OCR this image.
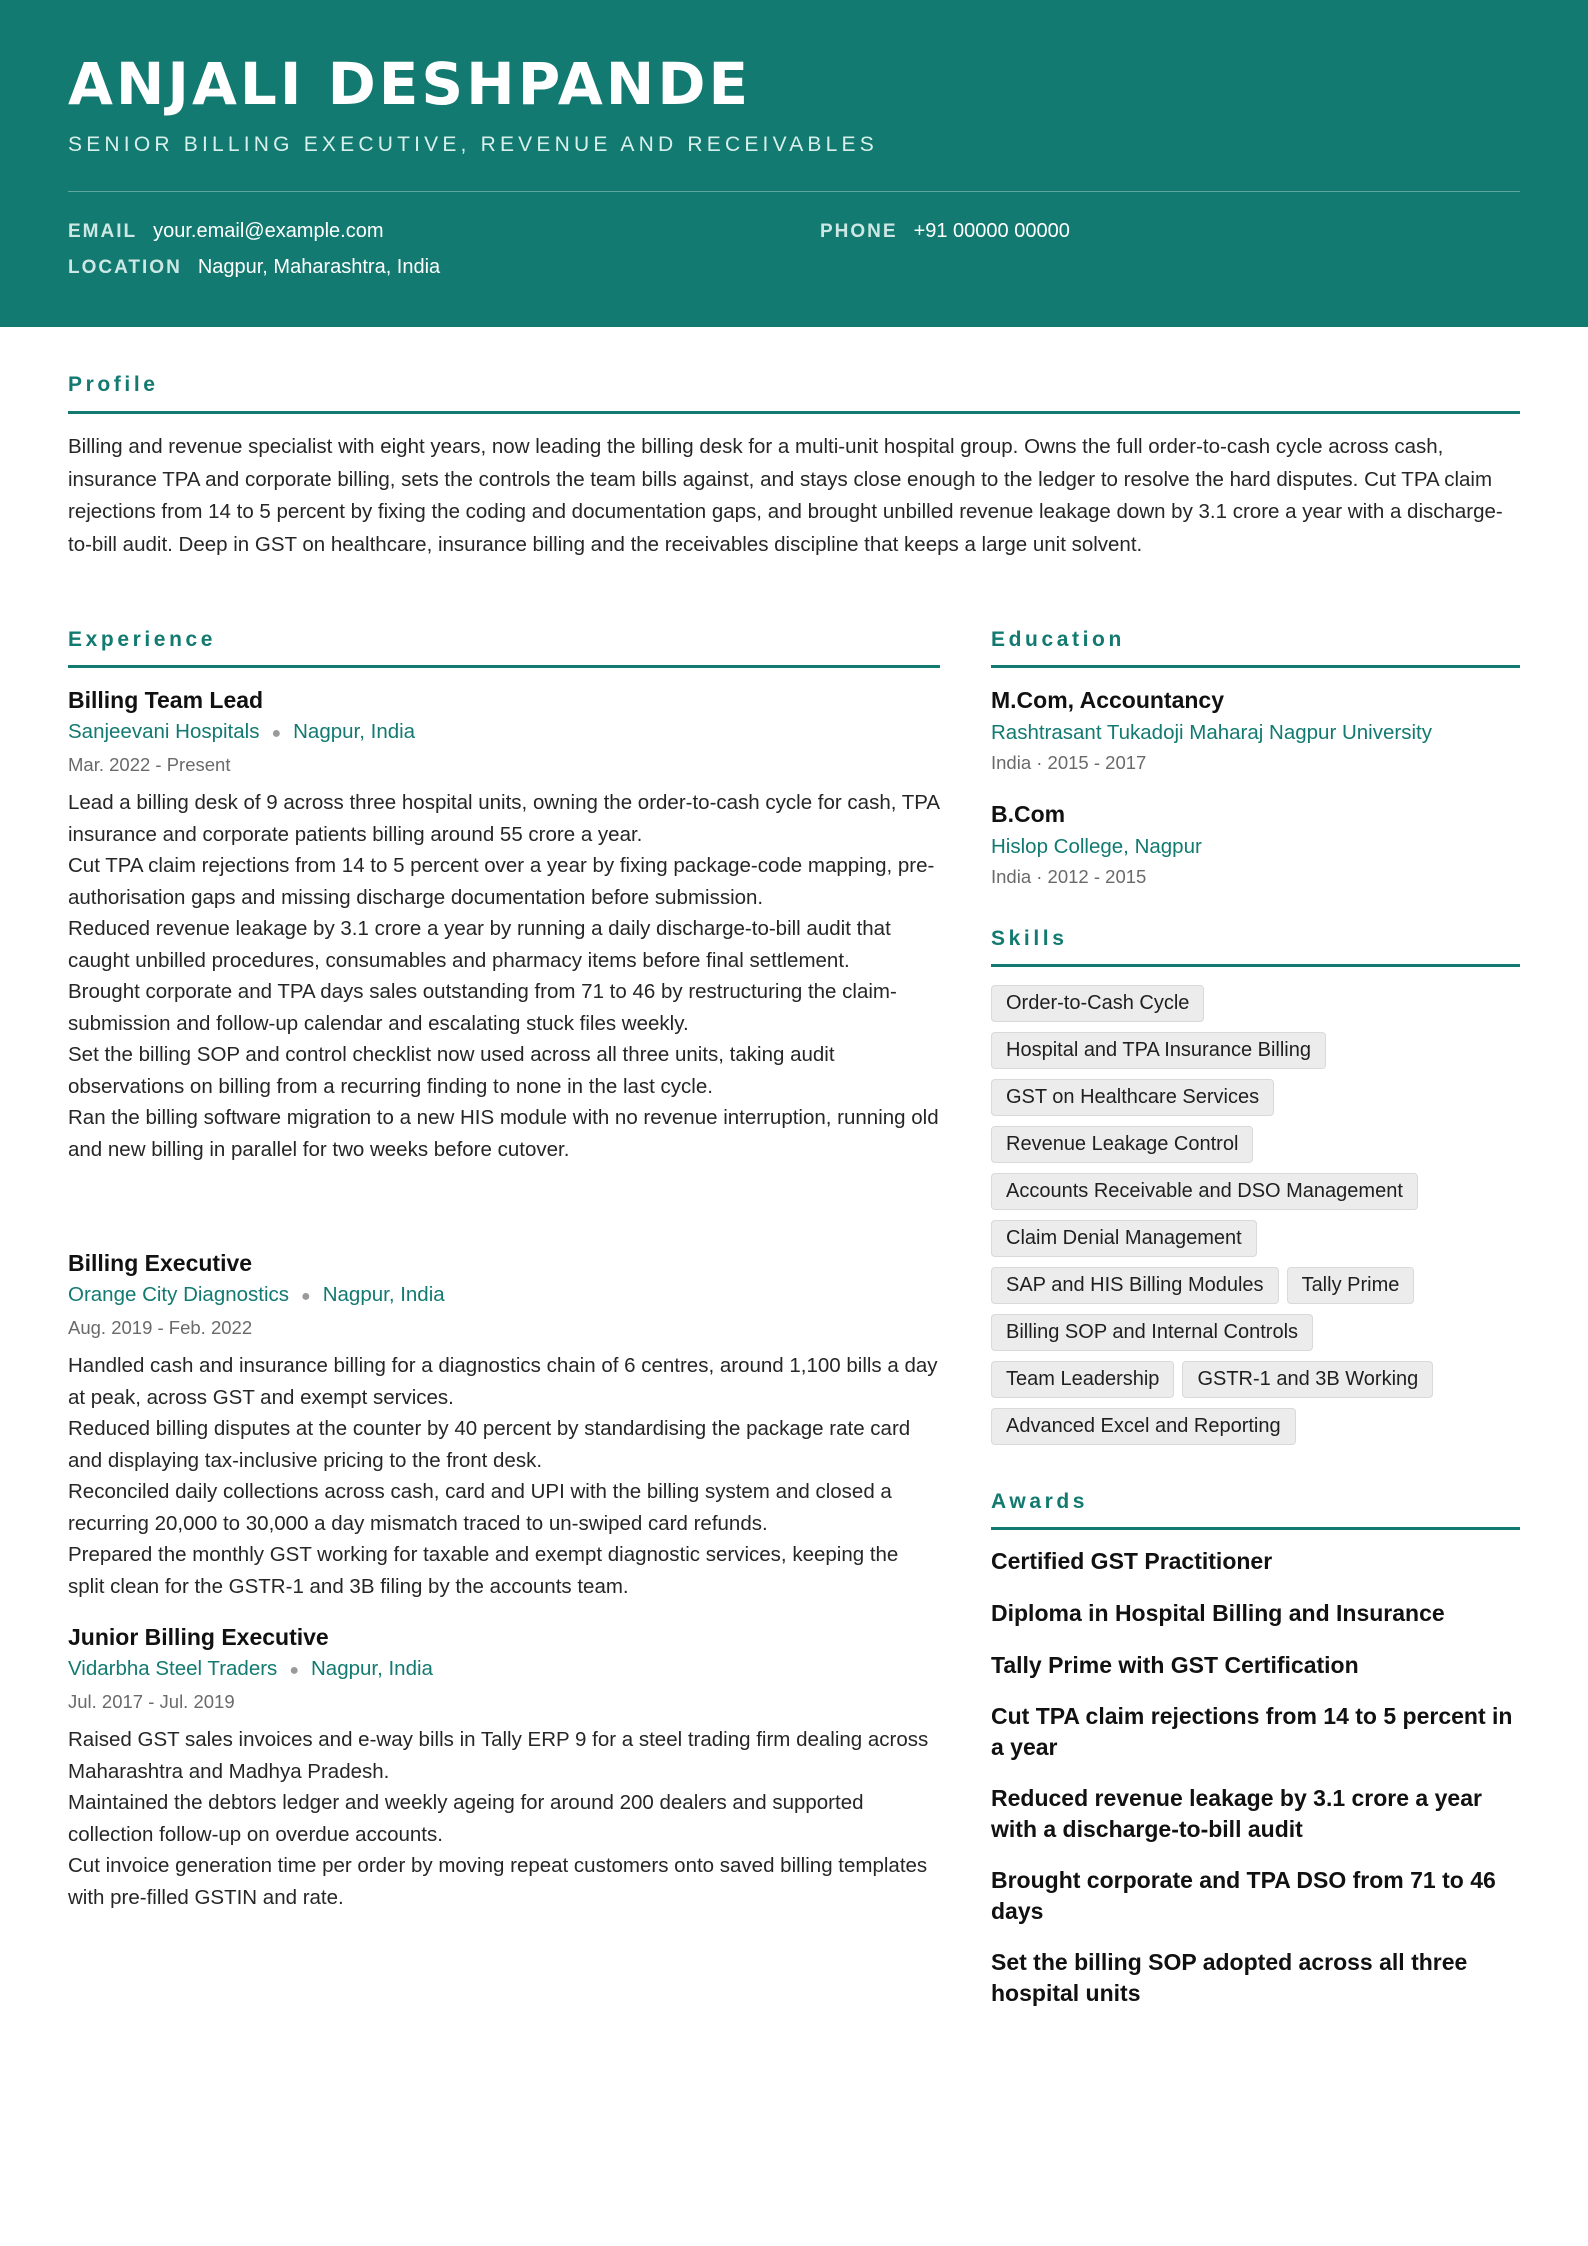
ANJALI DESHPANDE
SENIOR BILLING EXECUTIVE, REVENUE AND RECEIVABLES
EMAIL your.email@example.com	PHONE +91 00000 00000
LOCATION Nagpur, Maharashtra, India
Profile
Billing and revenue specialist with eight years, now leading the billing desk for a multi-unit hospital group. Owns the full order-to-cash cycle across cash, insurance TPA and corporate billing, sets the controls the team bills against, and stays close enough to the ledger to resolve the hard disputes. Cut TPA claim rejections from 14 to 5 percent by fixing the coding and documentation gaps, and brought unbilled revenue leakage down by 3.1 crore a year with a discharge-to-bill audit. Deep in GST on healthcare, insurance billing and the receivables discipline that keeps a large unit solvent.
Experience
Billing Team Lead
Sanjeevani Hospitals ● Nagpur, India
Mar. 2022 - Present
Lead a billing desk of 9 across three hospital units, owning the order-to-cash cycle for cash, TPA insurance and corporate patients billing around 55 crore a year.
Cut TPA claim rejections from 14 to 5 percent over a year by fixing package-code mapping, pre-authorisation gaps and missing discharge documentation before submission.
Reduced revenue leakage by 3.1 crore a year by running a daily discharge-to-bill audit that caught unbilled procedures, consumables and pharmacy items before final settlement.
Brought corporate and TPA days sales outstanding from 71 to 46 by restructuring the claim-submission and follow-up calendar and escalating stuck files weekly.
Set the billing SOP and control checklist now used across all three units, taking audit observations on billing from a recurring finding to none in the last cycle.
Ran the billing software migration to a new HIS module with no revenue interruption, running old and new billing in parallel for two weeks before cutover.
Billing Executive
Orange City Diagnostics ● Nagpur, India
Aug. 2019 - Feb. 2022
Handled cash and insurance billing for a diagnostics chain of 6 centres, around 1,100 bills a day at peak, across GST and exempt services.
Reduced billing disputes at the counter by 40 percent by standardising the package rate card and displaying tax-inclusive pricing to the front desk.
Reconciled daily collections across cash, card and UPI with the billing system and closed a recurring 20,000 to 30,000 a day mismatch traced to un-swiped card refunds.
Prepared the monthly GST working for taxable and exempt diagnostic services, keeping the split clean for the GSTR-1 and 3B filing by the accounts team.
Junior Billing Executive
Vidarbha Steel Traders ● Nagpur, India
Jul. 2017 - Jul. 2019
Raised GST sales invoices and e-way bills in Tally ERP 9 for a steel trading firm dealing across Maharashtra and Madhya Pradesh.
Maintained the debtors ledger and weekly ageing for around 200 dealers and supported collection follow-up on overdue accounts.
Cut invoice generation time per order by moving repeat customers onto saved billing templates with pre-filled GSTIN and rate.
Education
M.Com, Accountancy
Rashtrasant Tukadoji Maharaj Nagpur University
India · 2015 - 2017
B.Com
Hislop College, Nagpur
India · 2012 - 2015
Skills
Order-to-Cash Cycle
Hospital and TPA Insurance Billing
GST on Healthcare Services
Revenue Leakage Control
Accounts Receivable and DSO Management
Claim Denial Management
SAP and HIS Billing Modules	Tally Prime
Billing SOP and Internal Controls
Team Leadership	GSTR-1 and 3B Working
Advanced Excel and Reporting
Awards
Certified GST Practitioner
Diploma in Hospital Billing and Insurance
Tally Prime with GST Certification
Cut TPA claim rejections from 14 to 5 percent in a year
Reduced revenue leakage by 3.1 crore a year with a discharge-to-bill audit
Brought corporate and TPA DSO from 71 to 46 days
Set the billing SOP adopted across all three hospital units
